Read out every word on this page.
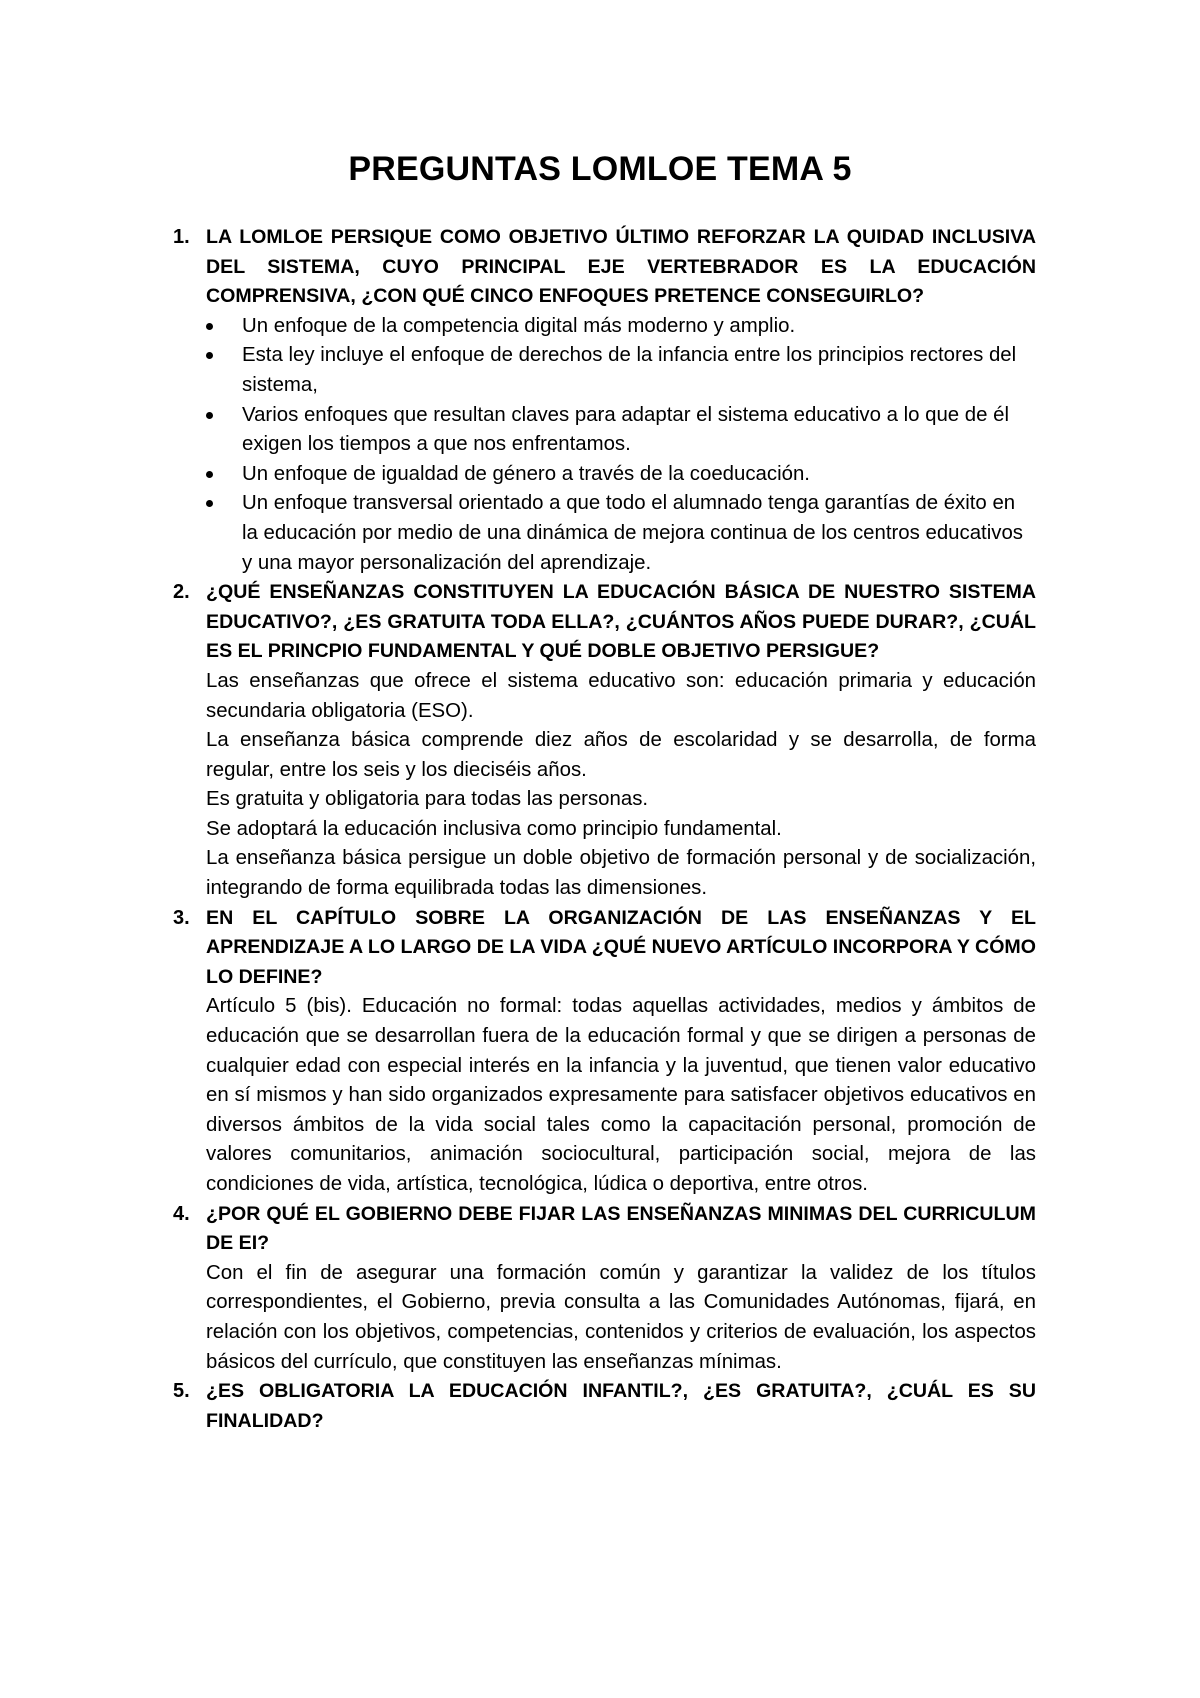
PREGUNTAS LOMLOE TEMA 5
1. LA LOMLOE PERSIQUE COMO OBJETIVO ÚLTIMO REFORZAR LA QUIDAD INCLUSIVA DEL SISTEMA, CUYO PRINCIPAL EJE VERTEBRADOR ES LA EDUCACIÓN COMPRENSIVA, ¿CON QUÉ CINCO ENFOQUES PRETENCE CONSEGUIRLO?
Un enfoque de la competencia digital más moderno y amplio.
Esta ley incluye el enfoque de derechos de la infancia entre los principios rectores del sistema,
Varios enfoques que resultan claves para adaptar el sistema educativo a lo que de él exigen los tiempos a que nos enfrentamos.
Un enfoque de igualdad de género a través de la coeducación.
Un enfoque transversal orientado a que todo el alumnado tenga garantías de éxito en la educación por medio de una dinámica de mejora continua de los centros educativos y una mayor personalización del aprendizaje.
2. ¿QUÉ ENSEÑANZAS CONSTITUYEN LA EDUCACIÓN BÁSICA DE NUESTRO SISTEMA EDUCATIVO?, ¿ES GRATUITA TODA ELLA?, ¿CUÁNTOS AÑOS PUEDE DURAR?, ¿CUÁL ES EL PRINCPIO FUNDAMENTAL Y QUÉ DOBLE OBJETIVO PERSIGUE?
Las enseñanzas que ofrece el sistema educativo son: educación primaria y educación secundaria obligatoria (ESO).
La enseñanza básica comprende diez años de escolaridad y se desarrolla, de forma regular, entre los seis y los dieciséis años.
Es gratuita y obligatoria para todas las personas.
Se adoptará la educación inclusiva como principio fundamental.
La enseñanza básica persigue un doble objetivo de formación personal y de socialización, integrando de forma equilibrada todas las dimensiones.
3. EN EL CAPÍTULO SOBRE LA ORGANIZACIÓN DE LAS ENSEÑANZAS Y EL APRENDIZAJE A LO LARGO DE LA VIDA ¿QUÉ NUEVO ARTÍCULO INCORPORA Y CÓMO LO DEFINE?
Artículo 5 (bis). Educación no formal: todas aquellas actividades, medios y ámbitos de educación que se desarrollan fuera de la educación formal y que se dirigen a personas de cualquier edad con especial interés en la infancia y la juventud, que tienen valor educativo en sí mismos y han sido organizados expresamente para satisfacer objetivos educativos en diversos ámbitos de la vida social tales como la capacitación personal, promoción de valores comunitarios, animación sociocultural, participación social, mejora de las condiciones de vida, artística, tecnológica, lúdica o deportiva, entre otros.
4. ¿POR QUÉ EL GOBIERNO DEBE FIJAR LAS ENSEÑANZAS MINIMAS DEL CURRICULUM DE EI?
Con el fin de asegurar una formación común y garantizar la validez de los títulos correspondientes, el Gobierno, previa consulta a las Comunidades Autónomas, fijará, en relación con los objetivos, competencias, contenidos y criterios de evaluación, los aspectos básicos del currículo, que constituyen las enseñanzas mínimas.
5. ¿ES OBLIGATORIA LA EDUCACIÓN INFANTIL?, ¿ES GRATUITA?, ¿CUÁL ES SU FINALIDAD?
